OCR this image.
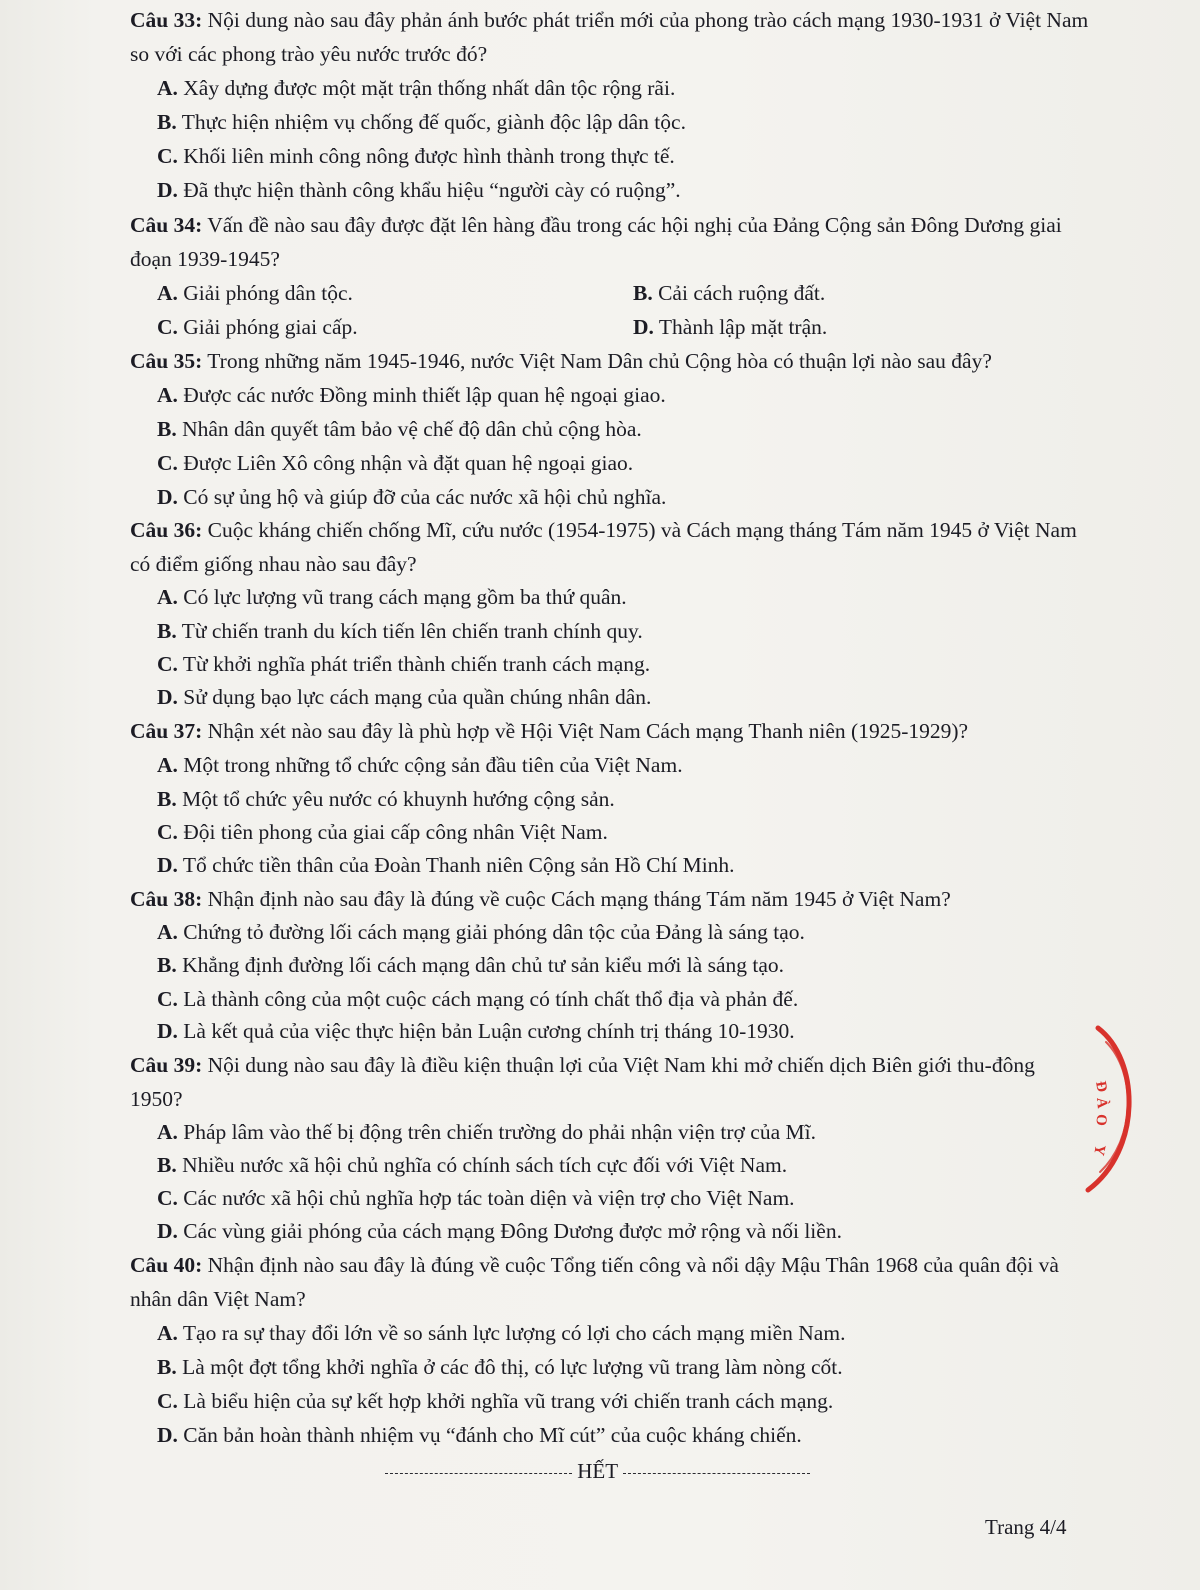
Câu 33: Nội dung nào sau đây phản ánh bước phát triển mới của phong trào cách mạng 1930-1931 ở Việt Nam so với các phong trào yêu nước trước đó?

A. Xây dựng được một mặt trận thống nhất dân tộc rộng rãi.
B. Thực hiện nhiệm vụ chống đế quốc, giành độc lập dân tộc.
C. Khối liên minh công nông được hình thành trong thực tế.
D. Đã thực hiện thành công khẩu hiệu “người cày có ruộng”.

Câu 34: Vấn đề nào sau đây được đặt lên hàng đầu trong các hội nghị của Đảng Cộng sản Đông Dương giai đoạn 1939-1945?

A. Giải phóng dân tộc.	B. Cải cách ruộng đất.
C. Giải phóng giai cấp.	D. Thành lập mặt trận.

Câu 35: Trong những năm 1945-1946, nước Việt Nam Dân chủ Cộng hòa có thuận lợi nào sau đây?

A. Được các nước Đồng minh thiết lập quan hệ ngoại giao.
B. Nhân dân quyết tâm bảo vệ chế độ dân chủ cộng hòa.
C. Được Liên Xô công nhận và đặt quan hệ ngoại giao.
D. Có sự ủng hộ và giúp đỡ của các nước xã hội chủ nghĩa.

Câu 36: Cuộc kháng chiến chống Mĩ, cứu nước (1954-1975) và Cách mạng tháng Tám năm 1945 ở Việt Nam có điểm giống nhau nào sau đây?

A. Có lực lượng vũ trang cách mạng gồm ba thứ quân.
B. Từ chiến tranh du kích tiến lên chiến tranh chính quy.
C. Từ khởi nghĩa phát triển thành chiến tranh cách mạng.
D. Sử dụng bạo lực cách mạng của quần chúng nhân dân.

Câu 37: Nhận xét nào sau đây là phù hợp về Hội Việt Nam Cách mạng Thanh niên (1925-1929)?

A. Một trong những tổ chức cộng sản đầu tiên của Việt Nam.
B. Một tổ chức yêu nước có khuynh hướng cộng sản.
C. Đội tiên phong của giai cấp công nhân Việt Nam.
D. Tổ chức tiền thân của Đoàn Thanh niên Cộng sản Hồ Chí Minh.

Câu 38: Nhận định nào sau đây là đúng về cuộc Cách mạng tháng Tám năm 1945 ở Việt Nam?

A. Chứng tỏ đường lối cách mạng giải phóng dân tộc của Đảng là sáng tạo.
B. Khẳng định đường lối cách mạng dân chủ tư sản kiểu mới là sáng tạo.
C. Là thành công của một cuộc cách mạng có tính chất thổ địa và phản đế.
D. Là kết quả của việc thực hiện bản Luận cương chính trị tháng 10-1930.

Câu 39: Nội dung nào sau đây là điều kiện thuận lợi của Việt Nam khi mở chiến dịch Biên giới thu-đông 1950?

A. Pháp lâm vào thế bị động trên chiến trường do phải nhận viện trợ của Mĩ.
B. Nhiều nước xã hội chủ nghĩa có chính sách tích cực đối với Việt Nam.
C. Các nước xã hội chủ nghĩa hợp tác toàn diện và viện trợ cho Việt Nam.
D. Các vùng giải phóng của cách mạng Đông Dương được mở rộng và nối liền.

Câu 40: Nhận định nào sau đây là đúng về cuộc Tổng tiến công và nổi dậy Mậu Thân 1968 của quân đội và nhân dân Việt Nam?

A. Tạo ra sự thay đổi lớn về so sánh lực lượng có lợi cho cách mạng miền Nam.
B. Là một đợt tổng khởi nghĩa ở các đô thị, có lực lượng vũ trang làm nòng cốt.
C. Là biểu hiện của sự kết hợp khởi nghĩa vũ trang với chiến tranh cách mạng.
D. Căn bản hoàn thành nhiệm vụ “đánh cho Mĩ cút” của cuộc kháng chiến.
HẾT
Trang 4/4
Đ
À
O
Y
